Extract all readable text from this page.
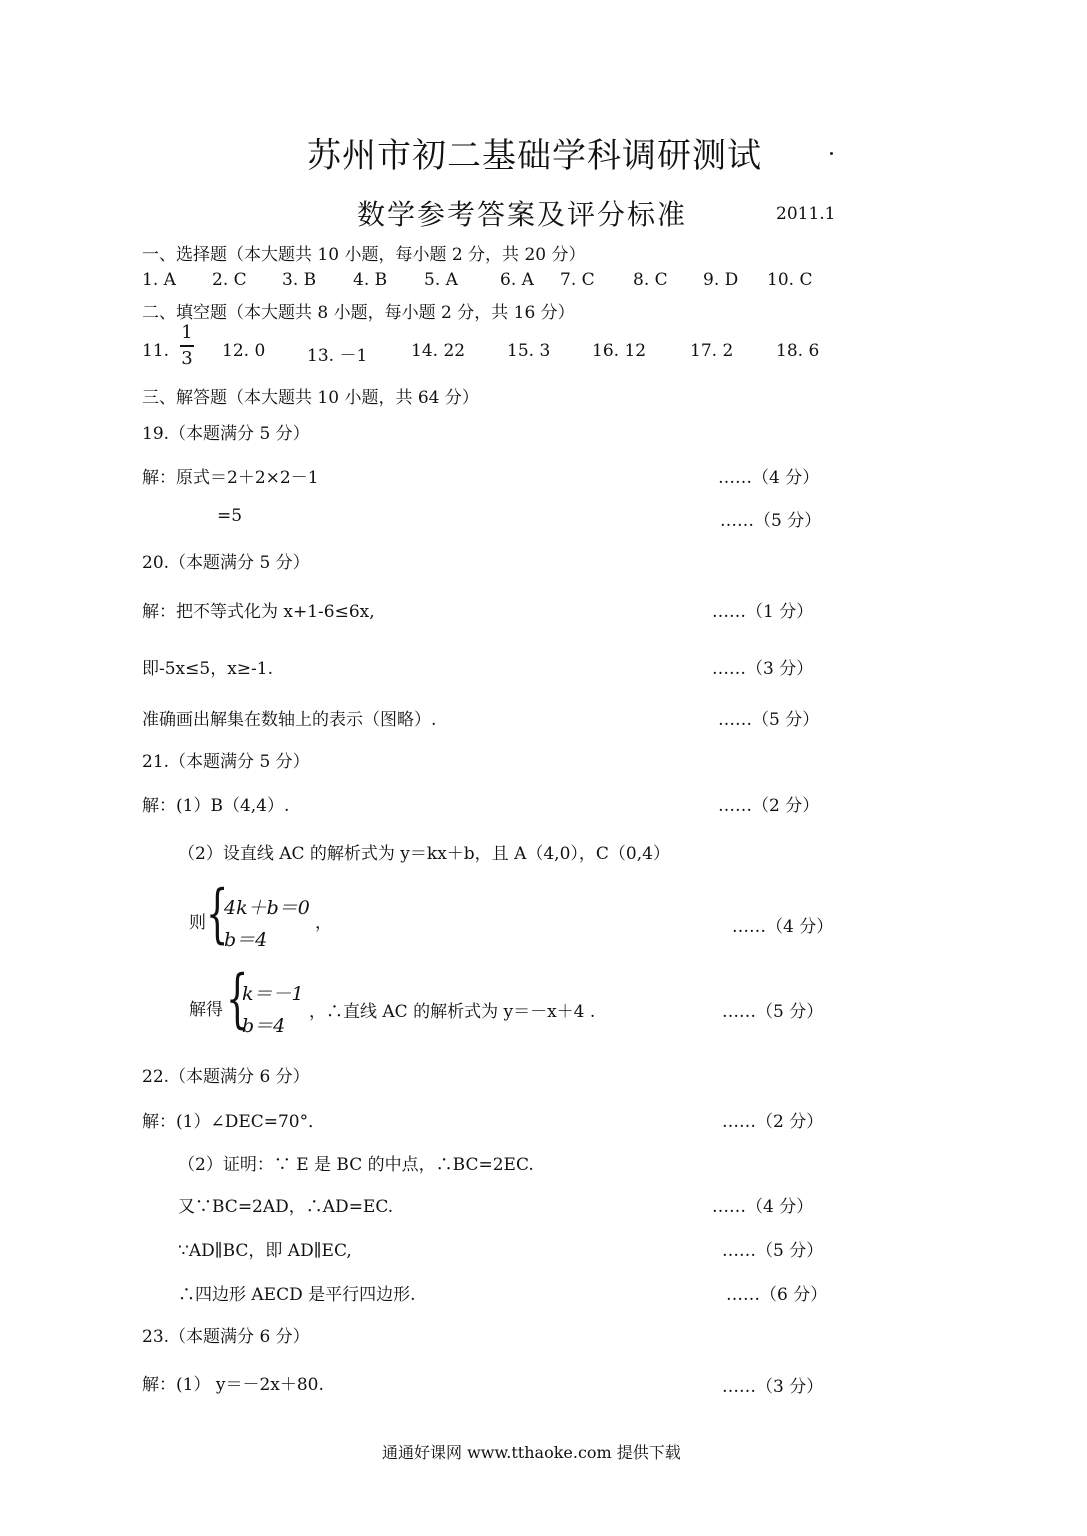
苏州市初二基础学科调研测试
数学参考答案及评分标准	2011.1
一、选择题（本大题共 10 小题，每小题 2 分，共 20 分）
1. A 2. C 3. B 4. B 5. A 6. A 7. C 8. C 9. D 10. C
二、填空题（本大题共 8 小题，每小题 2 分，共 16 分）
11. $\frac{1}{3} 12$. 0 13. －1	14. 22 15. 3 16. 12	17. 2	18. 6
三、解答题（本大题共 10 小题，共 64 分）
19.（本题满分 5 分）
解：原式＝2＋2×2－1	……（4 分）
=5	……（5 分）
20.（本题满分 5 分）
解：把不等式化为 x+1-6≤6x,	……（1 分）
即-5x≤5，x≥-1.	……（3 分）
准确画出解集在数轴上的表示（图略）.	……（5 分）
21.（本题满分 5 分）
解：(1）B（4,4）.	……（2 分）
（2）设直线 AC 的解析式为 y＝kx＋b，且 A（4,0），C（0,4）
则 {
4k＋b＝0
b＝4
，	……（4 分）
解得 {
k＝－1
b＝4
，∴直线 AC 的解析式为 y＝－x＋4 .	……（5 分）
22.（本题满分 6 分）
解：(1）∠DEC=70°．	……（2 分）
（2）证明：∵ E 是 BC 的中点，∴BC=2EC.
又∵BC=2AD，∴AD=EC.	……（4 分）
∵AD∥BC，即 AD∥EC,	……（5 分）
∴四边形 AECD 是平行四边形.	……（6 分）
23.（本题满分 6 分）
解：(1） y＝－2x＋80.	……（3 分）
通通好课网 www.tthaoke.com 提供下载
